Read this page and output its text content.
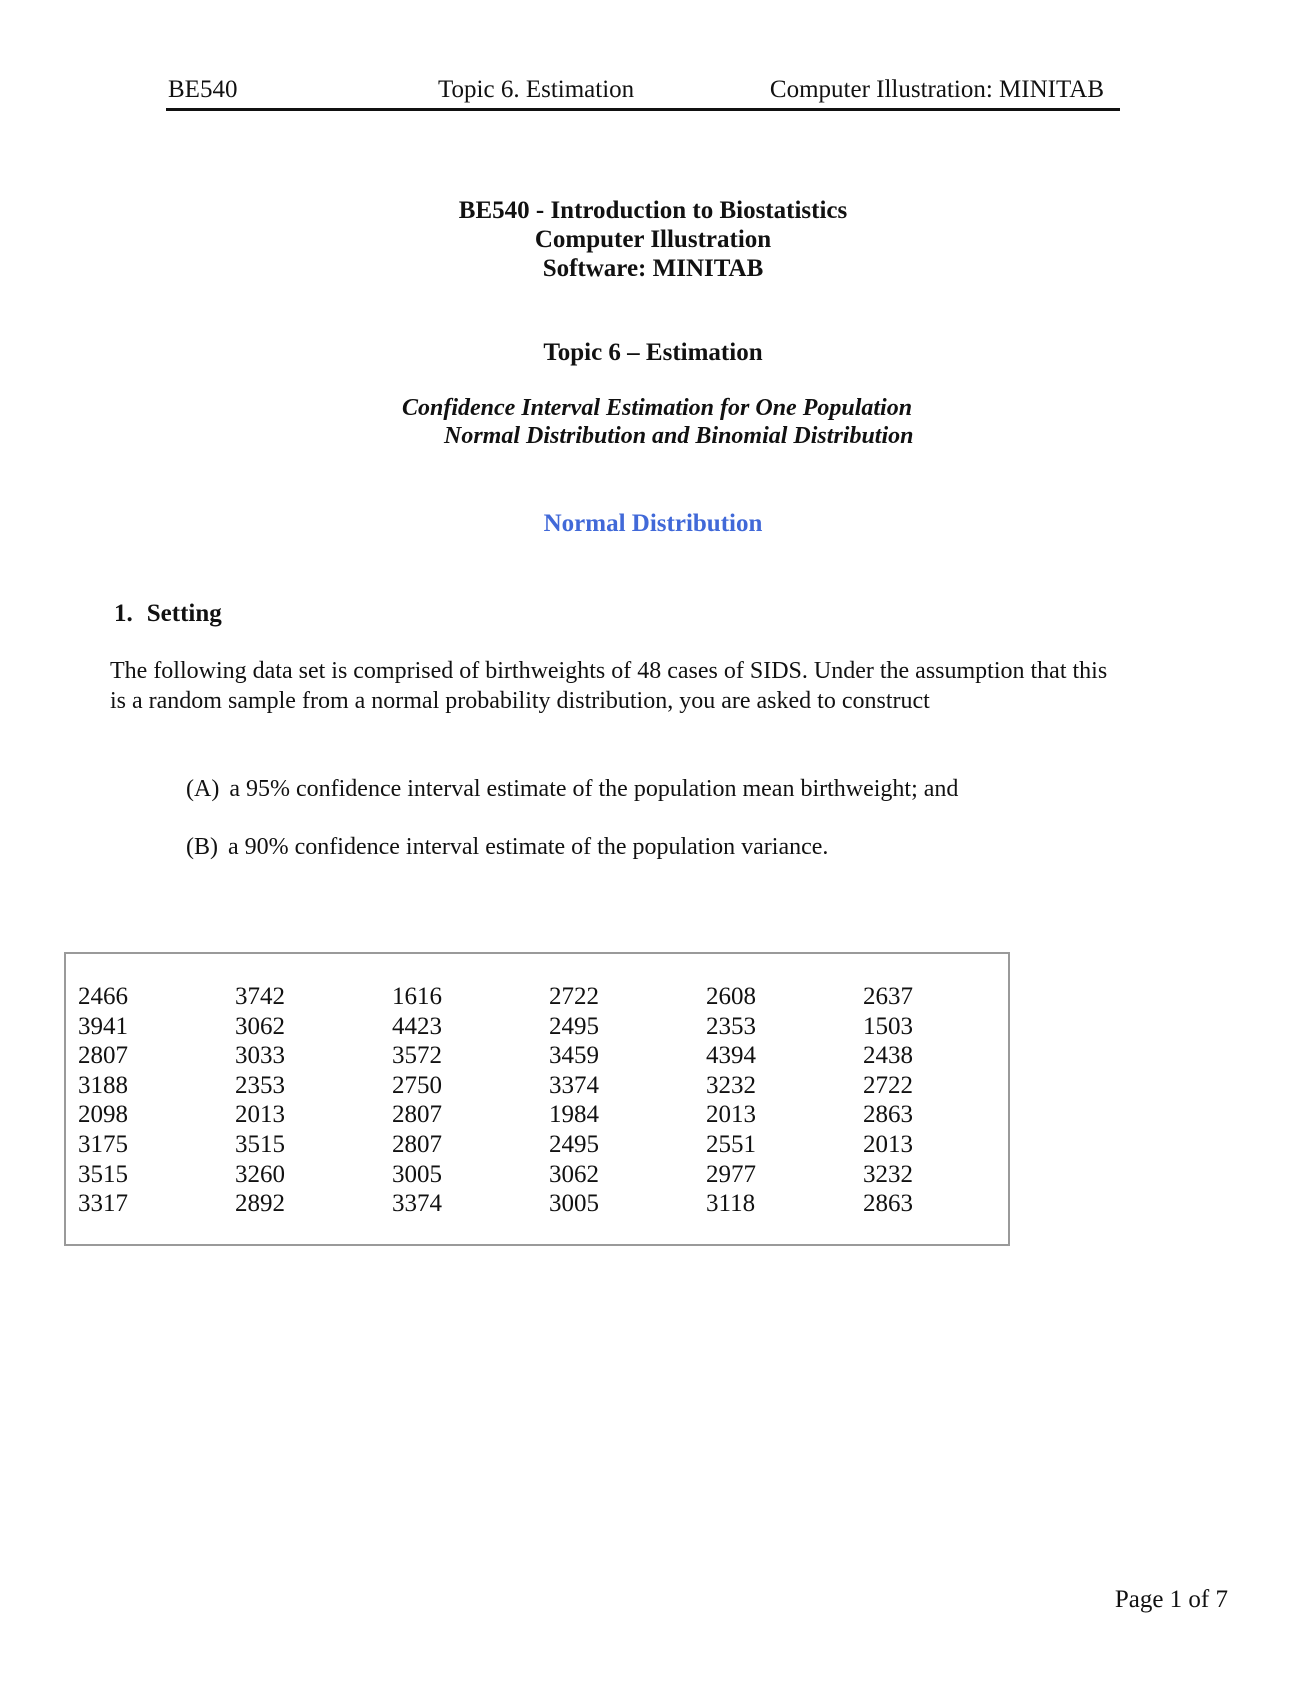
BE540	Topic 6. Estimation	Computer Illustration: MINITAB
BE540 - Introduction to Biostatistics
Computer Illustration
Software: MINITAB
Topic 6 – Estimation
Confidence Interval Estimation for One Population
Normal Distribution and Binomial Distribution
Normal Distribution
1. Setting
The following data set is comprised of birthweights of 48 cases of SIDS. Under the assumption that this
is a random sample from a normal probability distribution, you are asked to construct
(A) a 95% confidence interval estimate of the population mean birthweight; and
(B) a 90% confidence interval estimate of the population variance.
2466	3742	1616	2722	2608	2637
3941	3062	4423	2495	2353	1503
2807	3033	3572	3459	4394	2438
3188	2353	2750	3374	3232	2722
2098	2013	2807	1984	2013	2863
3175	3515	2807	2495	2551	2013
3515	3260	3005	3062	2977	3232
3317	2892	3374	3005	3118	2863
Page 1 of 7
